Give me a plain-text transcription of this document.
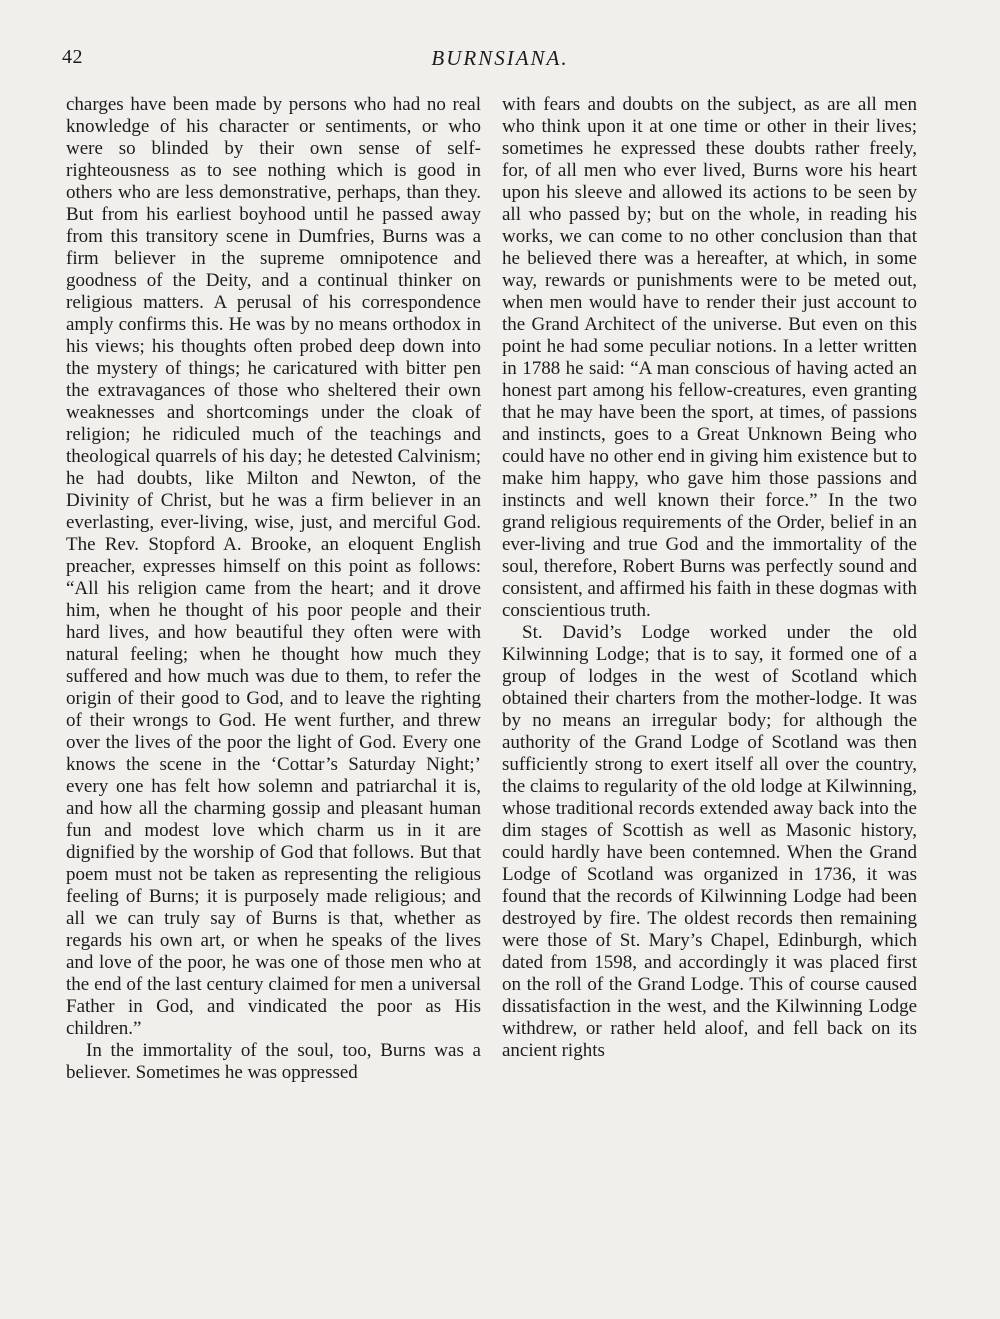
42	BURNSIANA.

charges have been made by persons who had no real knowledge of his character or sentiments, or who were so blinded by their own sense of self-righteousness as to see nothing which is good in others who are less demonstrative, perhaps, than they. But from his earliest boyhood until he passed away from this transitory scene in Dumfries, Burns was a firm believer in the supreme omnipotence and goodness of the Deity, and a continual thinker on religious matters. A perusal of his correspondence amply confirms this. He was by no means orthodox in his views; his thoughts often probed deep down into the mystery of things; he caricatured with bitter pen the extravagances of those who sheltered their own weaknesses and shortcomings under the cloak of religion; he ridiculed much of the teachings and theological quarrels of his day; he detested Calvinism; he had doubts, like Milton and Newton, of the Divinity of Christ, but he was a firm believer in an everlasting, ever-living, wise, just, and merciful God. The Rev. Stopford A. Brooke, an eloquent English preacher, expresses himself on this point as follows: “All his religion came from the heart; and it drove him, when he thought of his poor people and their hard lives, and how beautiful they often were with natural feeling; when he thought how much they suffered and how much was due to them, to refer the origin of their good to God, and to leave the righting of their wrongs to God. He went further, and threw over the lives of the poor the light of God. Every one knows the scene in the ‘Cottar’s Saturday Night;’ every one has felt how solemn and patriarchal it is, and how all the charming gossip and pleasant human fun and modest love which charm us in it are dignified by the worship of God that follows. But that poem must not be taken as representing the religious feeling of Burns; it is purposely made religious; and all we can truly say of Burns is that, whether as regards his own art, or when he speaks of the lives and love of the poor, he was one of those men who at the end of the last century claimed for men a universal Father in God, and vindicated the poor as His children.”

In the immortality of the soul, too, Burns was a believer. Sometimes he was oppressed

with fears and doubts on the subject, as are all men who think upon it at one time or other in their lives; sometimes he expressed these doubts rather freely, for, of all men who ever lived, Burns wore his heart upon his sleeve and allowed its actions to be seen by all who passed by; but on the whole, in reading his works, we can come to no other conclusion than that he believed there was a hereafter, at which, in some way, rewards or punishments were to be meted out, when men would have to render their just account to the Grand Architect of the universe. But even on this point he had some peculiar notions. In a letter written in 1788 he said: “A man conscious of having acted an honest part among his fellow-creatures, even granting that he may have been the sport, at times, of passions and instincts, goes to a Great Unknown Being who could have no other end in giving him existence but to make him happy, who gave him those passions and instincts and well known their force.” In the two grand religious requirements of the Order, belief in an ever-living and true God and the immortality of the soul, therefore, Robert Burns was perfectly sound and consistent, and affirmed his faith in these dogmas with conscientious truth.

St. David’s Lodge worked under the old Kilwinning Lodge; that is to say, it formed one of a group of lodges in the west of Scotland which obtained their charters from the mother-lodge. It was by no means an irregular body; for although the authority of the Grand Lodge of Scotland was then sufficiently strong to exert itself all over the country, the claims to regularity of the old lodge at Kilwinning, whose traditional records extended away back into the dim stages of Scottish as well as Masonic history, could hardly have been contemned. When the Grand Lodge of Scotland was organized in 1736, it was found that the records of Kilwinning Lodge had been destroyed by fire. The oldest records then remaining were those of St. Mary’s Chapel, Edinburgh, which dated from 1598, and accordingly it was placed first on the roll of the Grand Lodge. This of course caused dissatisfaction in the west, and the Kilwinning Lodge withdrew, or rather held aloof, and fell back on its ancient rights
